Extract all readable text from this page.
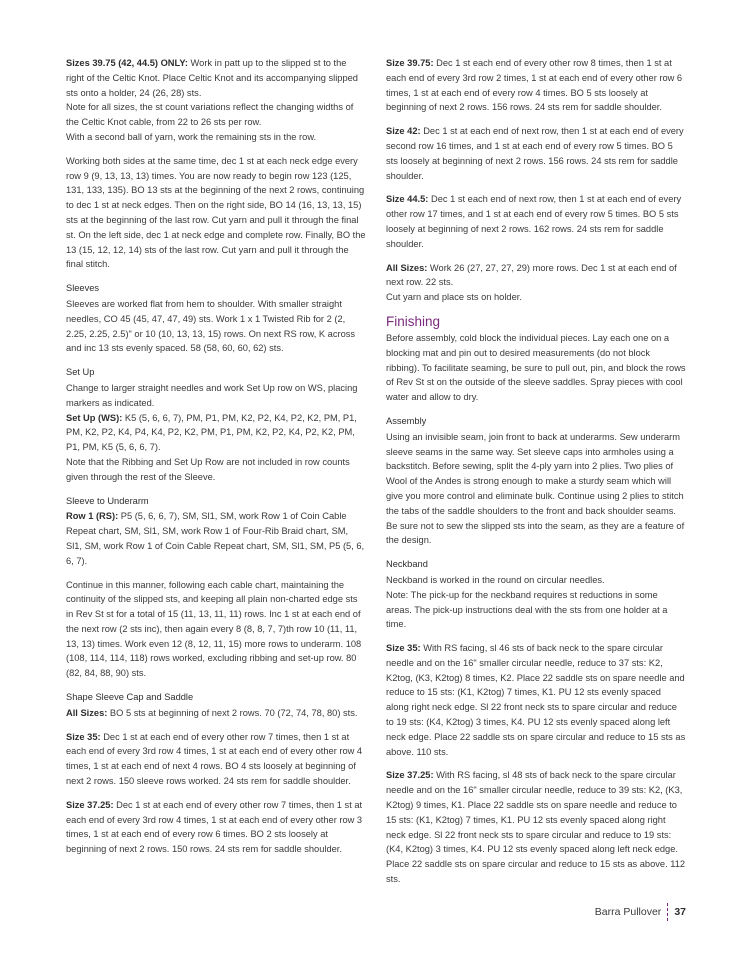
Sizes 39.75 (42, 44.5) ONLY: Work in patt up to the slipped st to the right of the Celtic Knot. Place Celtic Knot and its accompanying slipped sts onto a holder, 24 (26, 28) sts.
Note for all sizes, the st count variations reflect the changing widths of the Celtic Knot cable, from 22 to 26 sts per row.
With a second ball of yarn, work the remaining sts in the row.

Working both sides at the same time, dec 1 st at each neck edge every row 9 (9, 13, 13, 13) times. You are now ready to begin row 123 (125, 131, 133, 135). BO 13 sts at the beginning of the next 2 rows, continuing to dec 1 st at neck edges. Then on the right side, BO 14 (16, 13, 13, 15) sts at the beginning of the last row. Cut yarn and pull it through the final st. On the left side, dec 1 at neck edge and complete row. Finally, BO the 13 (15, 12, 12, 14) sts of the last row. Cut yarn and pull it through the final stitch.

Sleeves

Sleeves are worked flat from hem to shoulder. With smaller straight needles, CO 45 (45, 47, 47, 49) sts. Work 1 x 1 Twisted Rib for 2 (2, 2.25, 2.25, 2.5)" or 10 (10, 13, 13, 15) rows. On next RS row, K across and inc 13 sts evenly spaced. 58 (58, 60, 60, 62) sts.

Set Up

Change to larger straight needles and work Set Up row on WS, placing markers as indicated.
Set Up (WS): K5 (5, 6, 6, 7), PM, P1, PM, K2, P2, K4, P2, K2, PM, P1, PM, K2, P2, K4, P4, K4, P2, K2, PM, P1, PM, K2, P2, K4, P2, K2, PM, P1, PM, K5 (5, 6, 6, 7).
Note that the Ribbing and Set Up Row are not included in row counts given through the rest of the Sleeve.

Sleeve to Underarm

Row 1 (RS): P5 (5, 6, 6, 7), SM, Sl1, SM, work Row 1 of Coin Cable Repeat chart, SM, Sl1, SM, work Row 1 of Four-Rib Braid chart, SM, Sl1, SM, work Row 1 of Coin Cable Repeat chart, SM, Sl1, SM, P5 (5, 6, 6, 7).

Continue in this manner, following each cable chart, maintaining the continuity of the slipped sts, and keeping all plain non-charted edge sts in Rev St st for a total of 15 (11, 13, 11, 11) rows. Inc 1 st at each end of the next row (2 sts inc), then again every 8 (8, 8, 7, 7)th row 10 (11, 11, 13, 13) times. Work even 12 (8, 12, 11, 15) more rows to underarm. 108 (108, 114, 114, 118) rows worked, excluding ribbing and set-up row. 80 (82, 84, 88, 90) sts.

Shape Sleeve Cap and Saddle

All Sizes: BO 5 sts at beginning of next 2 rows. 70 (72, 74, 78, 80) sts.

Size 35: Dec 1 st at each end of every other row 7 times, then 1 st at each end of every 3rd row 4 times, 1 st at each end of every other row 4 times, 1 st at each end of next 4 rows. BO 4 sts loosely at beginning of next 2 rows. 150 sleeve rows worked. 24 sts rem for saddle shoulder.

Size 37.25: Dec 1 st at each end of every other row 7 times, then 1 st at each end of every 3rd row 4 times, 1 st at each end of every other row 3 times, 1 st at each end of every row 6 times. BO 2 sts loosely at beginning of next 2 rows. 150 rows. 24 sts rem for saddle shoulder.

Size 39.75: Dec 1 st each end of every other row 8 times, then 1 st at each end of every 3rd row 2 times, 1 st at each end of every other row 6 times, 1 st at each end of every row 4 times. BO 5 sts loosely at beginning of next 2 rows. 156 rows. 24 sts rem for saddle shoulder.

Size 42: Dec 1 st at each end of next row, then 1 st at each end of every second row 16 times, and 1 st at each end of every row 5 times. BO 5 sts loosely at beginning of next 2 rows. 156 rows. 24 sts rem for saddle shoulder.

Size 44.5: Dec 1 st each end of next row, then 1 st at each end of every other row 17 times, and 1 st at each end of every row 5 times. BO 5 sts loosely at beginning of next 2 rows. 162 rows. 24 sts rem for saddle shoulder.

All Sizes: Work 26 (27, 27, 27, 29) more rows. Dec 1 st at each end of next row. 22 sts.
Cut yarn and place sts on holder.

Finishing

Before assembly, cold block the individual pieces. Lay each one on a blocking mat and pin out to desired measurements (do not block ribbing). To facilitate seaming, be sure to pull out, pin, and block the rows of Rev St st on the outside of the sleeve saddles. Spray pieces with cool water and allow to dry.

Assembly

Using an invisible seam, join front to back at underarms. Sew underarm sleeve seams in the same way. Set sleeve caps into armholes using a backstitch. Before sewing, split the 4-ply yarn into 2 plies. Two plies of Wool of the Andes is strong enough to make a sturdy seam which will give you more control and eliminate bulk. Continue using 2 plies to stitch the tabs of the saddle shoulders to the front and back shoulder seams. Be sure not to sew the slipped sts into the seam, as they are a feature of the design.

Neckband

Neckband is worked in the round on circular needles.
Note: The pick-up for the neckband requires st reductions in some areas. The pick-up instructions deal with the sts from one holder at a time.

Size 35: With RS facing, sl 46 sts of back neck to the spare circular needle and on the 16" smaller circular needle, reduce to 37 sts: K2, K2tog, (K3, K2tog) 8 times, K2. Place 22 saddle sts on spare needle and reduce to 15 sts: (K1, K2tog) 7 times, K1. PU 12 sts evenly spaced along right neck edge. Sl 22 front neck sts to spare circular and reduce to 19 sts: (K4, K2tog) 3 times, K4. PU 12 sts evenly spaced along left neck edge. Place 22 saddle sts on spare circular and reduce to 15 sts as above. 110 sts.

Size 37.25: With RS facing, sl 48 sts of back neck to the spare circular needle and on the 16" smaller circular needle, reduce to 39 sts: K2, (K3, K2tog) 9 times, K1. Place 22 saddle sts on spare needle and reduce to 15 sts: (K1, K2tog) 7 times, K1. PU 12 sts evenly spaced along right neck edge. Sl 22 front neck sts to spare circular and reduce to 19 sts: (K4, K2tog) 3 times, K4. PU 12 sts evenly spaced along left neck edge. Place 22 saddle sts on spare circular and reduce to 15 sts as above. 112 sts.

Barra Pullover 37
